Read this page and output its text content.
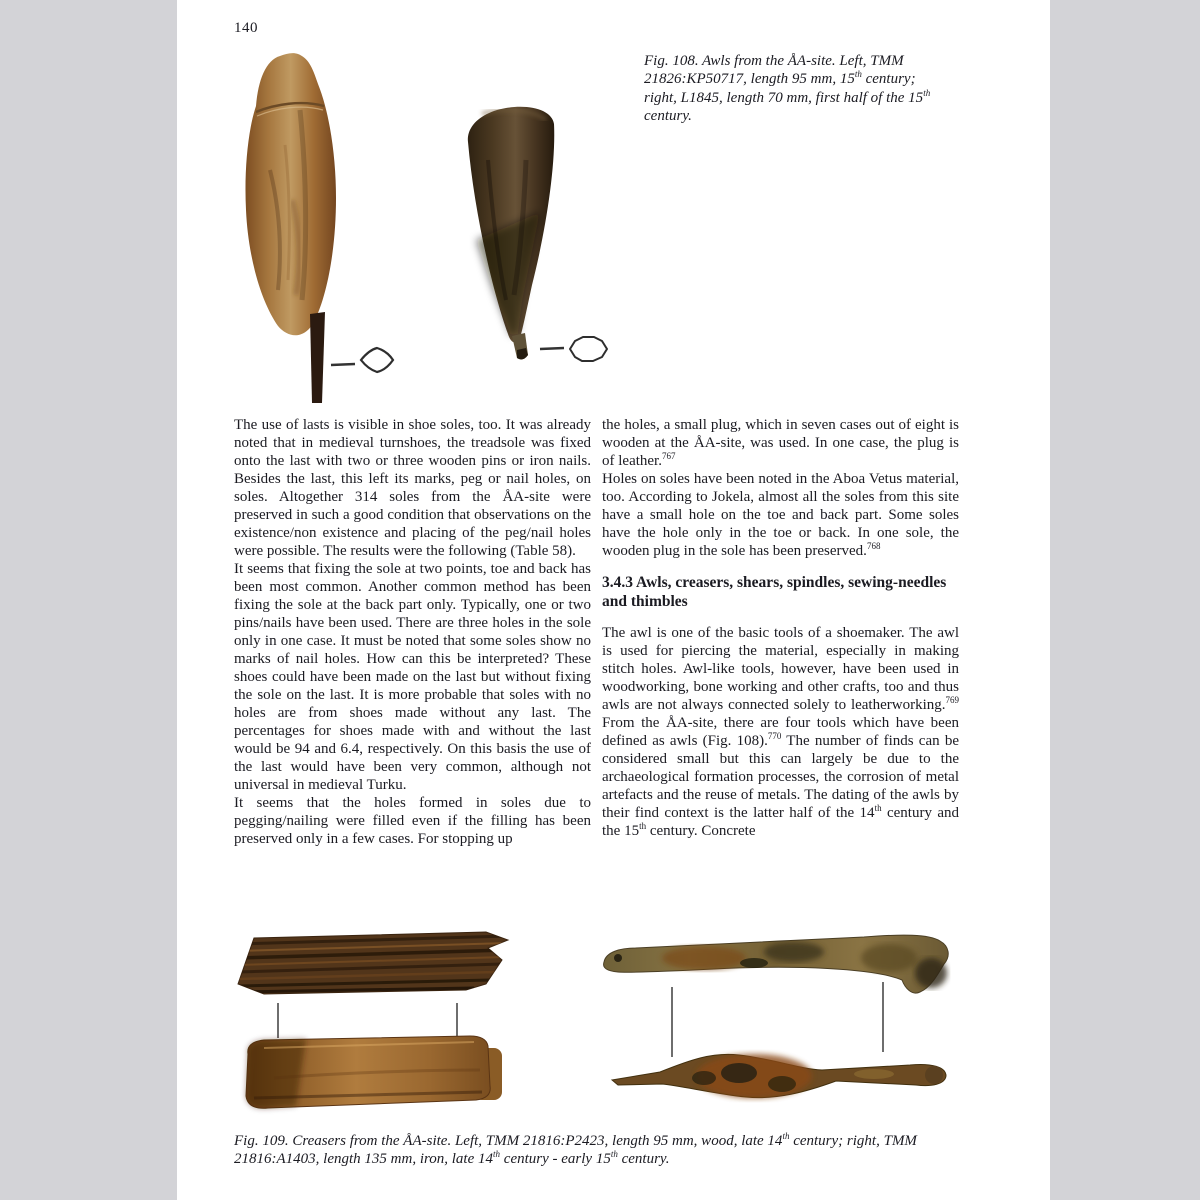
140
Fig. 108. Awls from the ÅA-site. Left, TMM 21826:KP50717, length 95 mm, 15th century; right, L1845, length 70 mm, first half of the 15th century.

The use of lasts is visible in shoe soles, too. It was already noted that in medieval turnshoes, the treadsole was fixed onto the last with two or three wooden pins or iron nails. Besides the last, this left its marks, peg or nail holes, on soles. Altogether 314 soles from the ÅA-site were preserved in such a good condition that observations on the existence/non existence and placing of the peg/nail holes were possible. The results were the following (Table 58).

It seems that fixing the sole at two points, toe and back has been most common. Another common method has been fixing the sole at the back part only. Typically, one or two pins/nails have been used. There are three holes in the sole only in one case. It must be noted that some soles show no marks of nail holes. How can this be interpreted? These shoes could have been made on the last but without fixing the sole on the last. It is more probable that soles with no holes are from shoes made without any last. The percentages for shoes made with and without the last would be 94 and 6.4, respectively. On this basis the use of the last would have been very common, although not universal in medieval Turku.

It seems that the holes formed in soles due to pegging/nailing were filled even if the filling has been preserved only in a few cases. For stopping up

the holes, a small plug, which in seven cases out of eight is wooden at the ÅA-site, was used. In one case, the plug is of leather.$^{767}$

Holes on soles have been noted in the Aboa Vetus material, too. According to Jokela, almost all the soles from this site have a small hole on the toe and back part. Some soles have the hole only in the toe or back. In one sole, the wooden plug in the sole has been preserved.$^{768}$

3.4.3 Awls, creasers, shears, spindles, sewing-needles and thimbles

The awl is one of the basic tools of a shoemaker. The awl is used for piercing the material, especially in making stitch holes. Awl-like tools, however, have been used in woodworking, bone working and other crafts, too and thus awls are not always connected solely to leatherworking.$^{769}$ From the ÅA-site, there are four tools which have been defined as awls (Fig. 108).$^{770}$ The number of finds can be considered small but this can largely be due to the archaeological formation processes, the corrosion of metal artefacts and the reuse of metals. The dating of the awls by their find context is the latter half of the 14th century and the 15th century. Concrete

Fig. 109. Creasers from the ÅA-site. Left, TMM 21816:P2423, length 95 mm, wood, late 14th century; right, TMM 21816:A1403, length 135 mm, iron, late 14th century - early 15th century.
